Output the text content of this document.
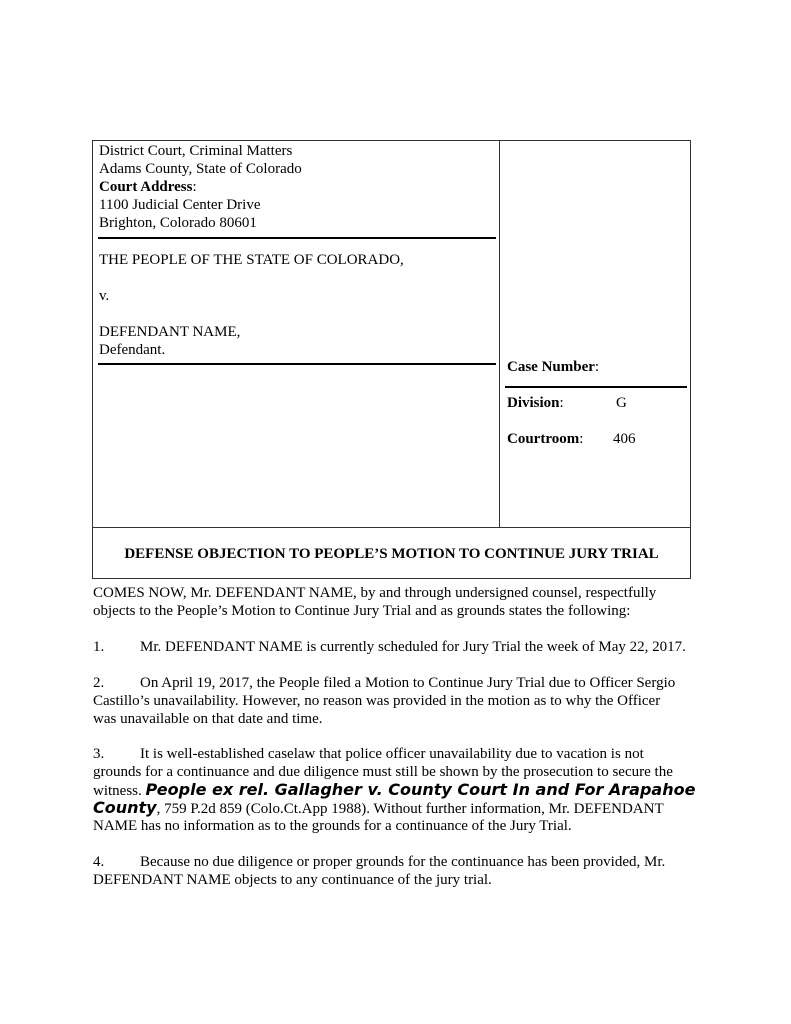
District Court, Criminal Matters
Adams County, State of Colorado
Court Address:
1100 Judicial Center Drive
Brighton, Colorado 80601
THE PEOPLE OF THE STATE OF COLORADO,
v.
DEFENDANT NAME,
Defendant.
Case Number:
Division:	G
Courtroom: 406
DEFENSE OBJECTION TO PEOPLE’S MOTION TO CONTINUE JURY TRIAL
COMES NOW, Mr. DEFENDANT NAME, by and through undersigned counsel, respectfully
objects to the People’s Motion to Continue Jury Trial and as grounds states the following:
1. Mr. DEFENDANT NAME is currently scheduled for Jury Trial the week of May 22, 2017.
2. On April 19, 2017, the People filed a Motion to Continue Jury Trial due to Officer Sergio
Castillo’s unavailability. However, no reason was provided in the motion as to why the Officer
was unavailable on that date and time.
3. It is well-established caselaw that police officer unavailability due to vacation is not
grounds for a continuance and due diligence must still be shown by the prosecution to secure the
witness. People ex rel. Gallagher v. County Court In and For Arapahoe
County, 759 P.2d 859 (Colo.Ct.App 1988). Without further information, Mr. DEFENDANT
NAME has no information as to the grounds for a continuance of the Jury Trial.
4. Because no due diligence or proper grounds for the continuance has been provided, Mr.
DEFENDANT NAME objects to any continuance of the jury trial.
